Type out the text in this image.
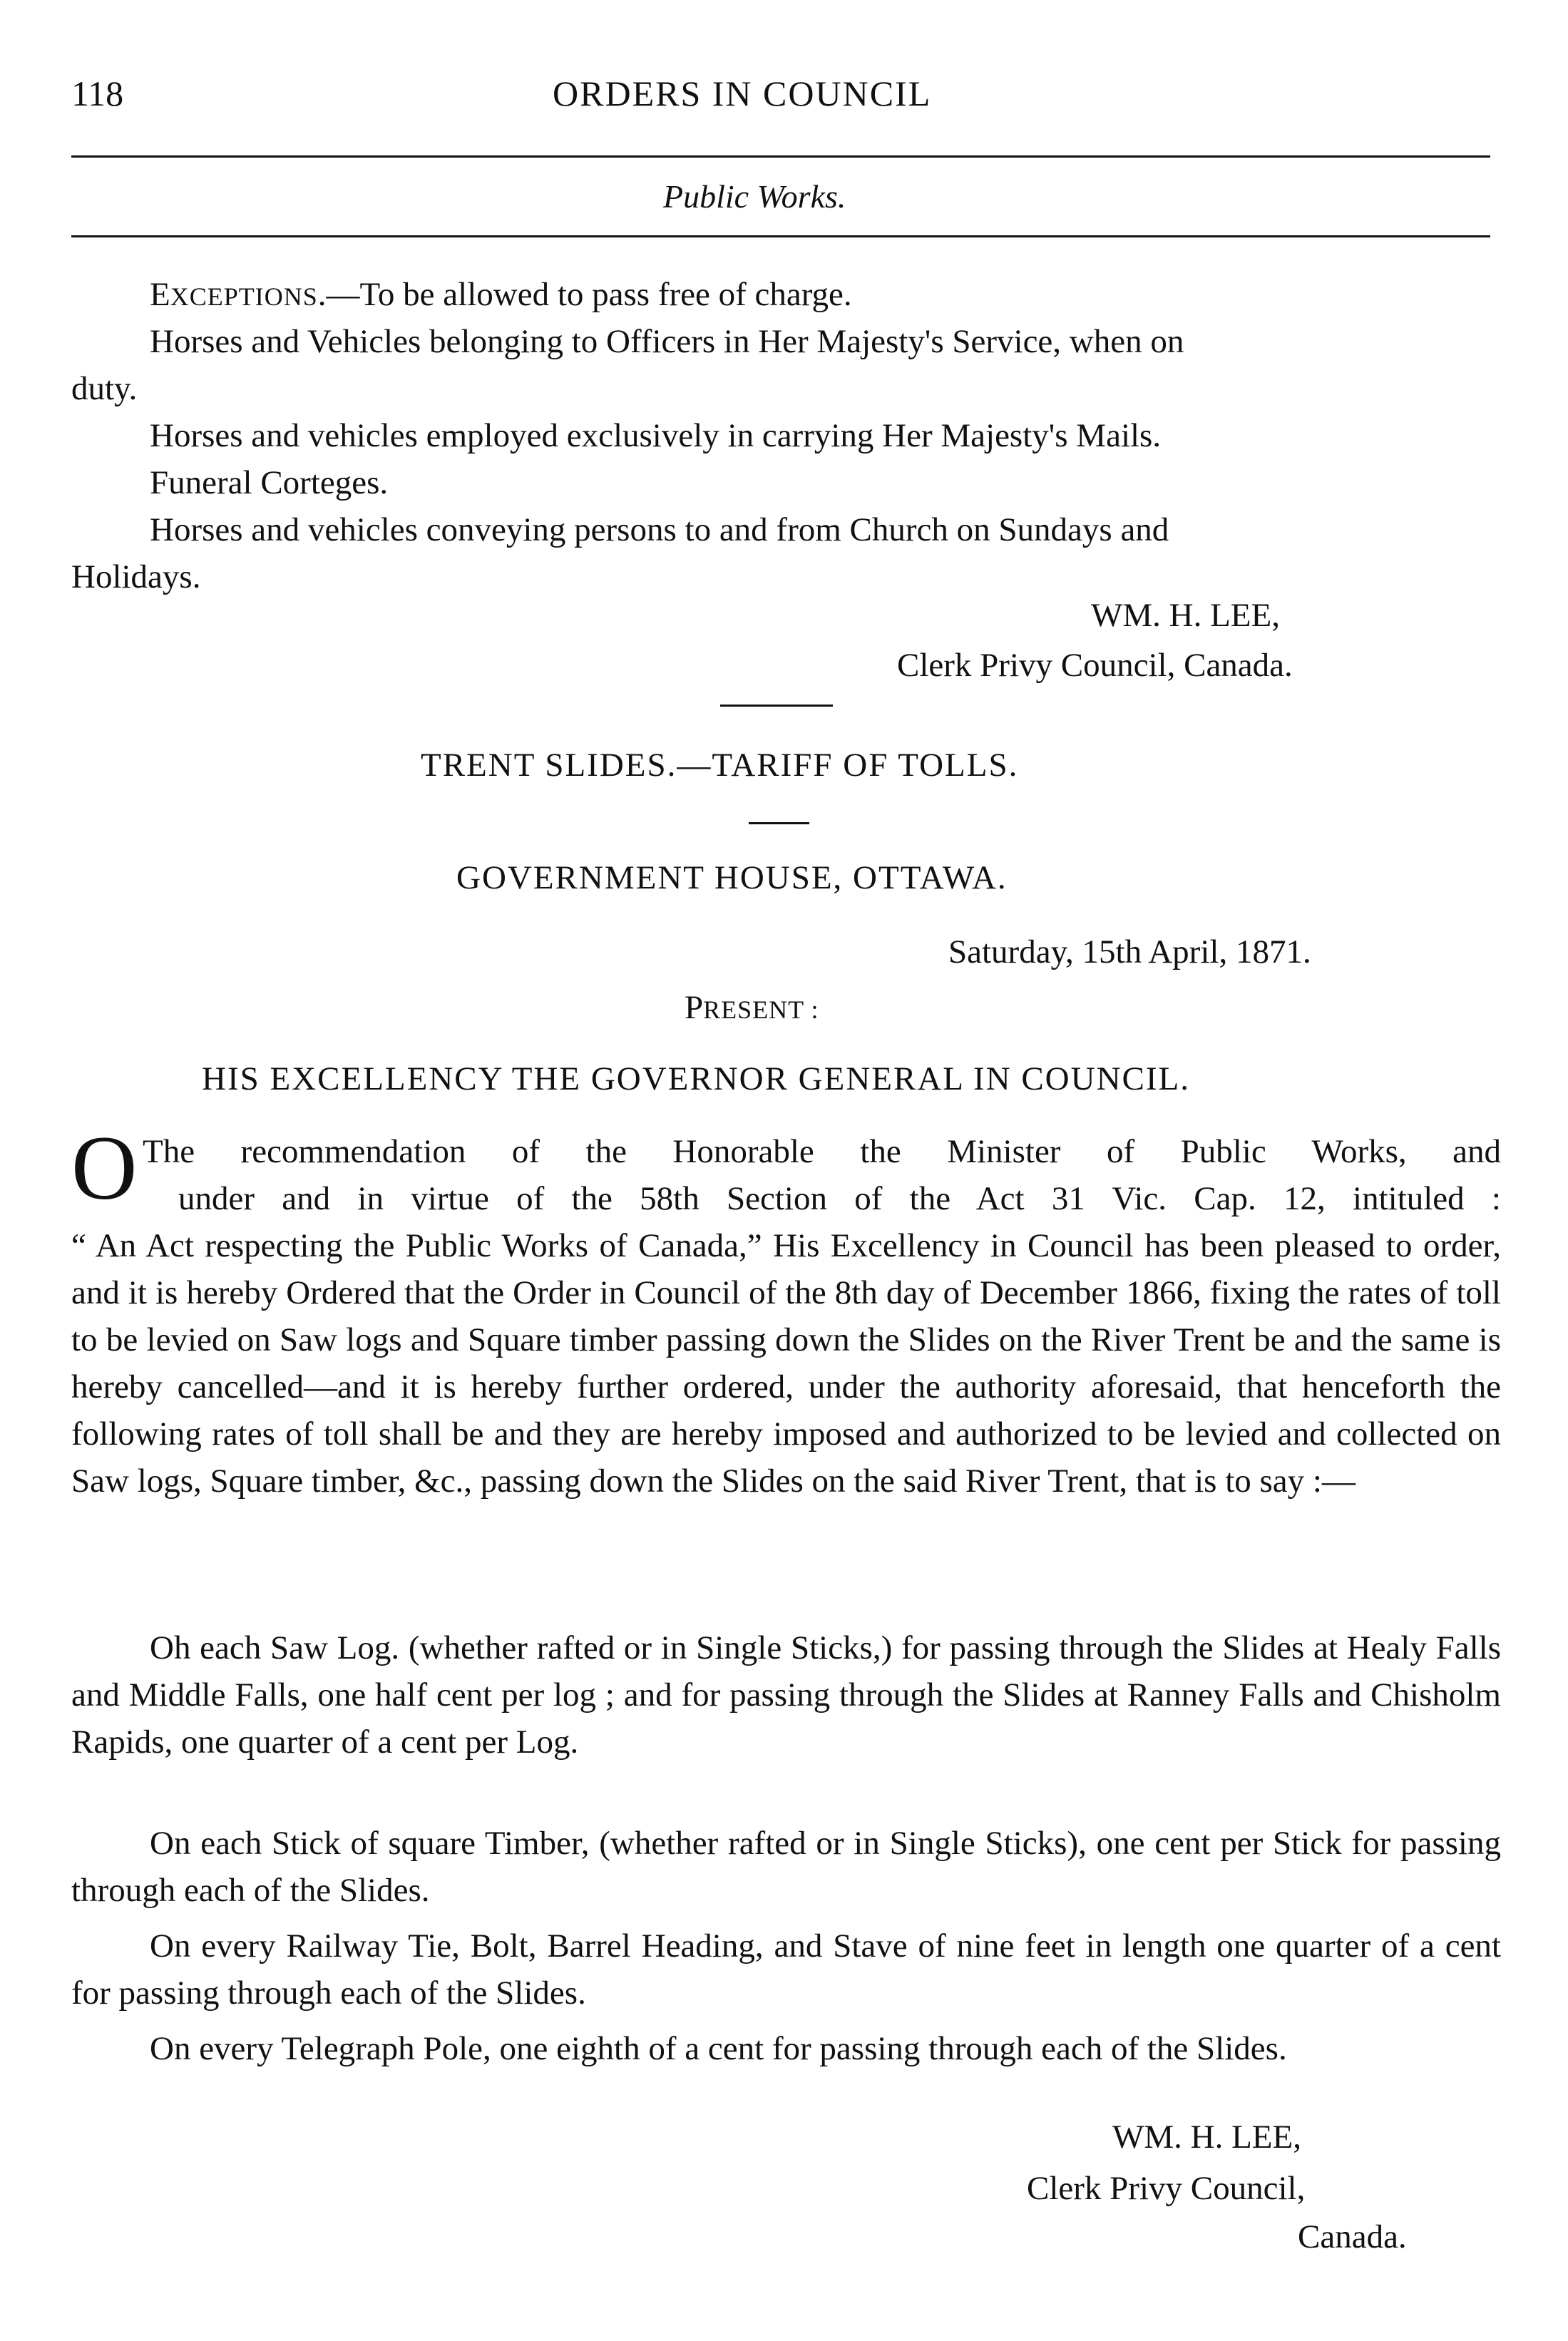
118	ORDERS IN COUNCIL
Public Works.
EXCEPTIONS.—To be allowed to pass free of charge.
Horses and Vehicles belonging to Officers in Her Majesty's Service, when on
duty.
Horses and vehicles employed exclusively in carrying Her Majesty's Mails.
Funeral Corteges.
Horses and vehicles conveying persons to and from Church on Sundays and
Holidays.
WM. H. LEE,
Clerk Privy Council, Canada.
TRENT SLIDES.—TARIFF OF TOLLS.
GOVERNMENT HOUSE, OTTAWA.
Saturday, 15th April, 1871.
PRESENT :
HIS EXCELLENCY THE GOVERNOR GENERAL IN COUNCIL.
O The recommendation of the Honorable the Minister of Public Works, and
under and in virtue of the 58th Section of the Act 31 Vic. Cap. 12, intituled :
“ An Act respecting the Public Works of Canada,” His Excellency in Council has been pleased to order, and it is hereby Ordered that the Order in Council of the 8th day of December 1866, fixing the rates of toll to be levied on Saw logs and Square timber passing down the Slides on the River Trent be and the same is hereby cancelled—and it is hereby further ordered, under the authority aforesaid, that henceforth the following rates of toll shall be and they are hereby imposed and authorized to be levied and collected on Saw logs, Square timber, &c., passing down the Slides on the said River Trent, that is to say :—
Oh each Saw Log. (whether rafted or in Single Sticks,) for passing through the Slides at Healy Falls and Middle Falls, one half cent per log ; and for passing through the Slides at Ranney Falls and Chisholm Rapids, one quarter of a cent per Log.
On each Stick of square Timber, (whether rafted or in Single Sticks), one cent per Stick for passing through each of the Slides.
On every Railway Tie, Bolt, Barrel Heading, and Stave of nine feet in length one quarter of a cent for passing through each of the Slides.
On every Telegraph Pole, one eighth of a cent for passing through each of the Slides.
WM. H. LEE,
Clerk Privy Council,
Canada.
